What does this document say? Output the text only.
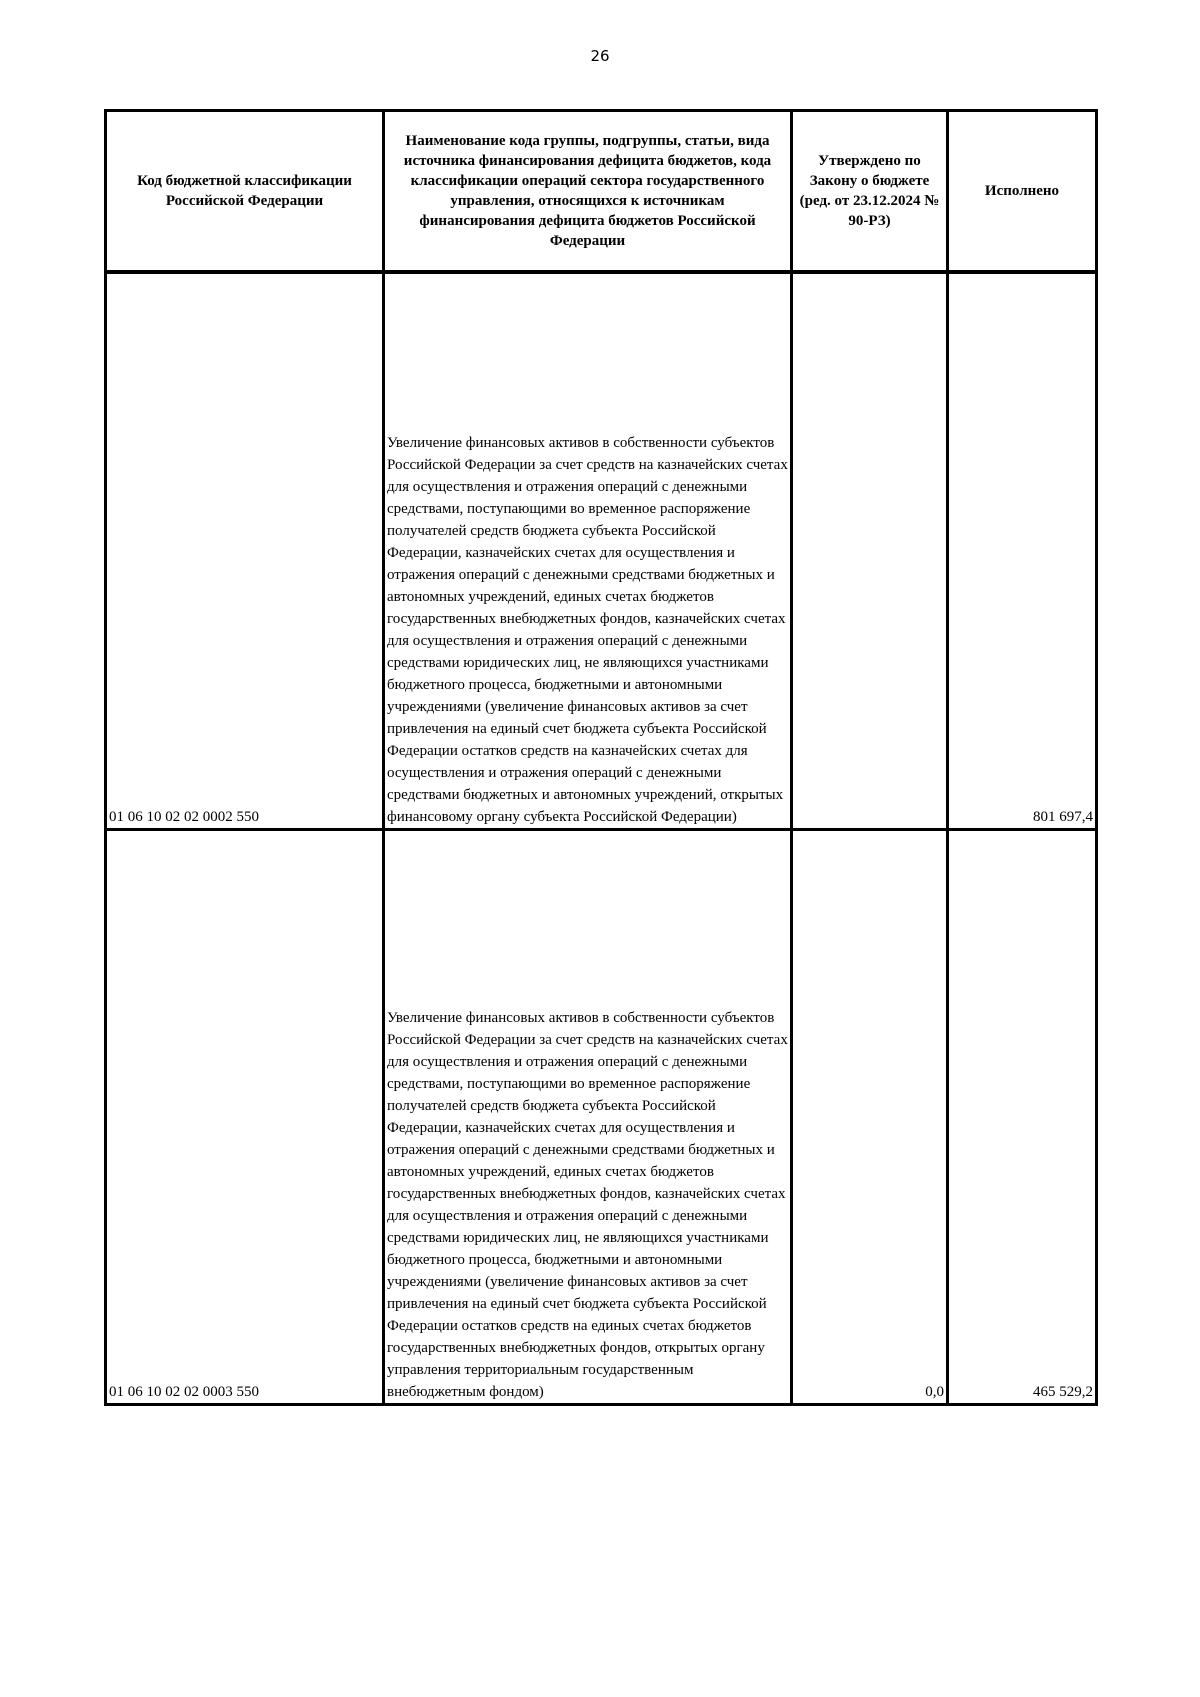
26
Код бюджетной классификации Российской Федерации	Наименование кода группы, подгруппы, статьи, вида источника финансирования дефицита бюджетов, кода классификации операций сектора государственного управления, относящихся к источникам финансирования дефицита бюджетов Российской Федерации	Утверждено по Закону о бюджете (ред. от 23.12.2024 № 90-РЗ)	Исполнено
01 06 10 02 02 0002 550	Увеличение финансовых активов в собственности субъектов Российской Федерации за счет средств на казначейских счетах для осуществления и отражения операций с денежными средствами, поступающими во временное распоряжение получателей средств бюджета субъекта Российской Федерации, казначейских счетах для осуществления и отражения операций с денежными средствами бюджетных и автономных учреждений, единых счетах бюджетов государственных внебюджетных фондов, казначейских счетах для осуществления и отражения операций с денежными средствами юридических лиц, не являющихся участниками бюджетного процесса, бюджетными и автономными учреждениями (увеличение финансовых активов за счет привлечения на единый счет бюджета субъекта Российской Федерации остатков средств на казначейских счетах для осуществления и отражения операций с денежными средствами бюджетных и автономных учреждений, открытых финансовому органу субъекта Российской Федерации)		801 697,4
01 06 10 02 02 0003 550	Увеличение финансовых активов в собственности субъектов Российской Федерации за счет средств на казначейских счетах для осуществления и отражения операций с денежными средствами, поступающими во временное распоряжение получателей средств бюджета субъекта Российской Федерации, казначейских счетах для осуществления и отражения операций с денежными средствами бюджетных и автономных учреждений, единых счетах бюджетов государственных внебюджетных фондов, казначейских счетах для осуществления и отражения операций с денежными средствами юридических лиц, не являющихся участниками бюджетного процесса, бюджетными и автономными учреждениями (увеличение финансовых активов за счет привлечения на единый счет бюджета субъекта Российской Федерации остатков средств на единых счетах бюджетов государственных внебюджетных фондов, открытых органу управления территориальным государственным внебюджетным фондом)	0,0	465 529,2
